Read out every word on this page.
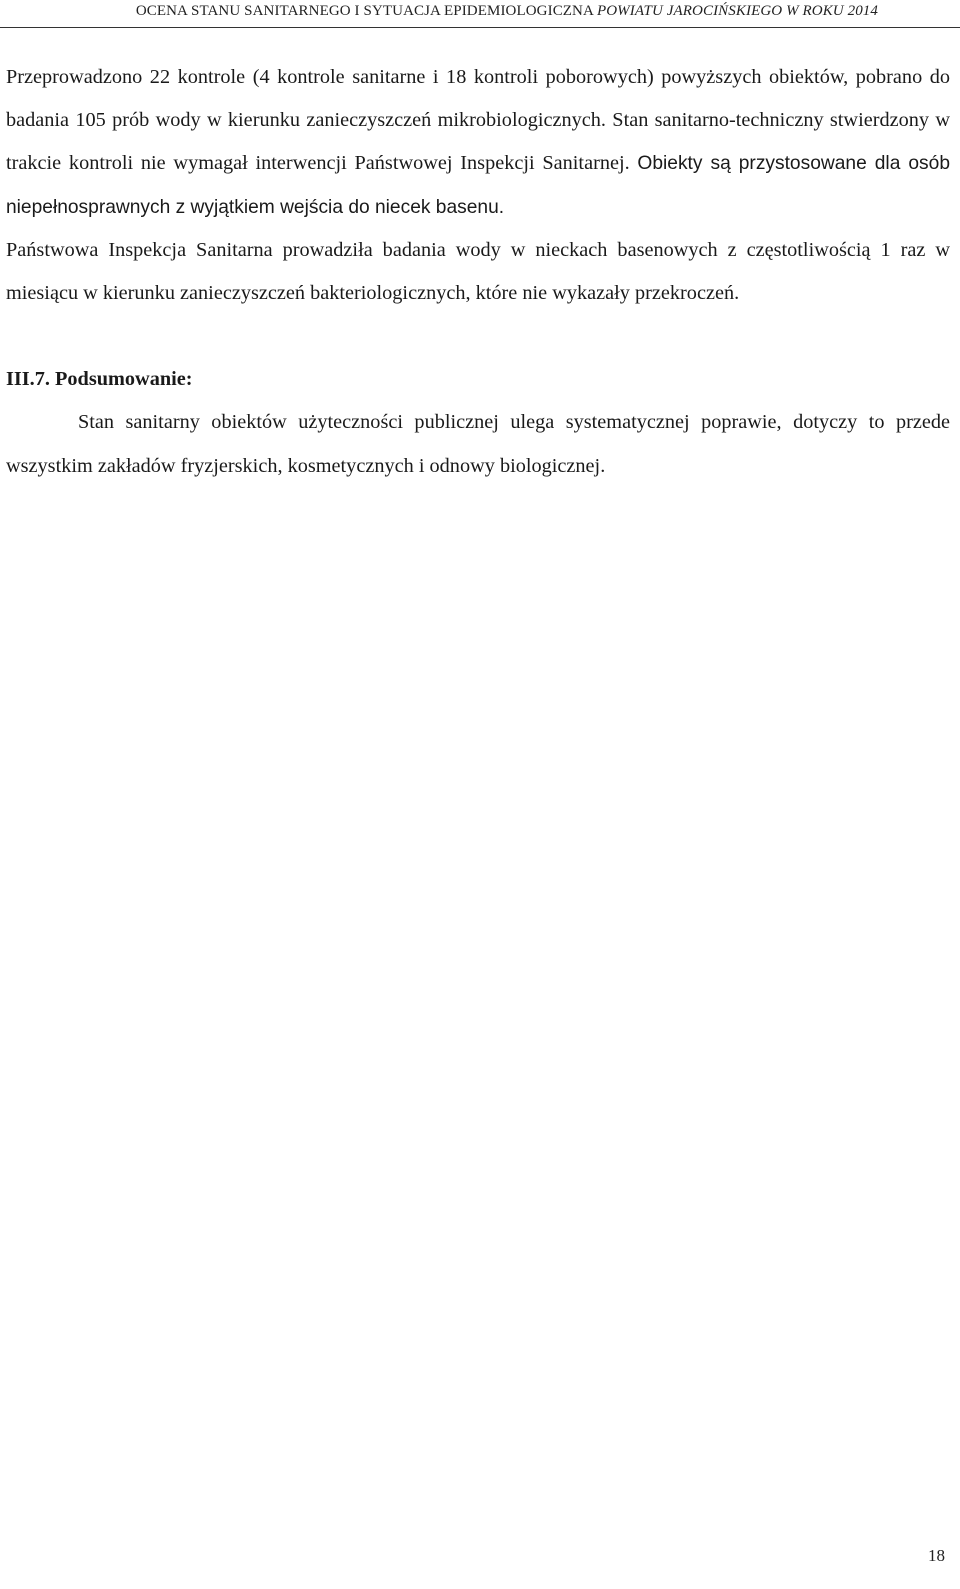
OCENA STANU SANITARNEGO I SYTUACJA EPIDEMIOLOGICZNA POWIATU JAROCIŃSKIEGO W ROKU 2014

Przeprowadzono 22 kontrole (4 kontrole sanitarne i 18 kontroli poborowych) powyższych obiektów, pobrano do badania 105 prób wody w kierunku zanieczyszczeń mikrobiologicznych. Stan sanitarno-techniczny stwierdzony w trakcie kontroli nie wymagał interwencji Państwowej Inspekcji Sanitarnej. Obiekty są przystosowane dla osób niepełnosprawnych z wyjątkiem wejścia do niecek basenu.

Państwowa Inspekcja Sanitarna prowadziła badania wody w nieckach basenowych z częstotliwością 1 raz w miesiącu w kierunku zanieczyszczeń bakteriologicznych, które nie wykazały przekroczeń.

III.7. Podsumowanie:

Stan sanitarny obiektów użyteczności publicznej ulega systematycznej poprawie, dotyczy to przede wszystkim zakładów fryzjerskich, kosmetycznych i odnowy biologicznej.

18
